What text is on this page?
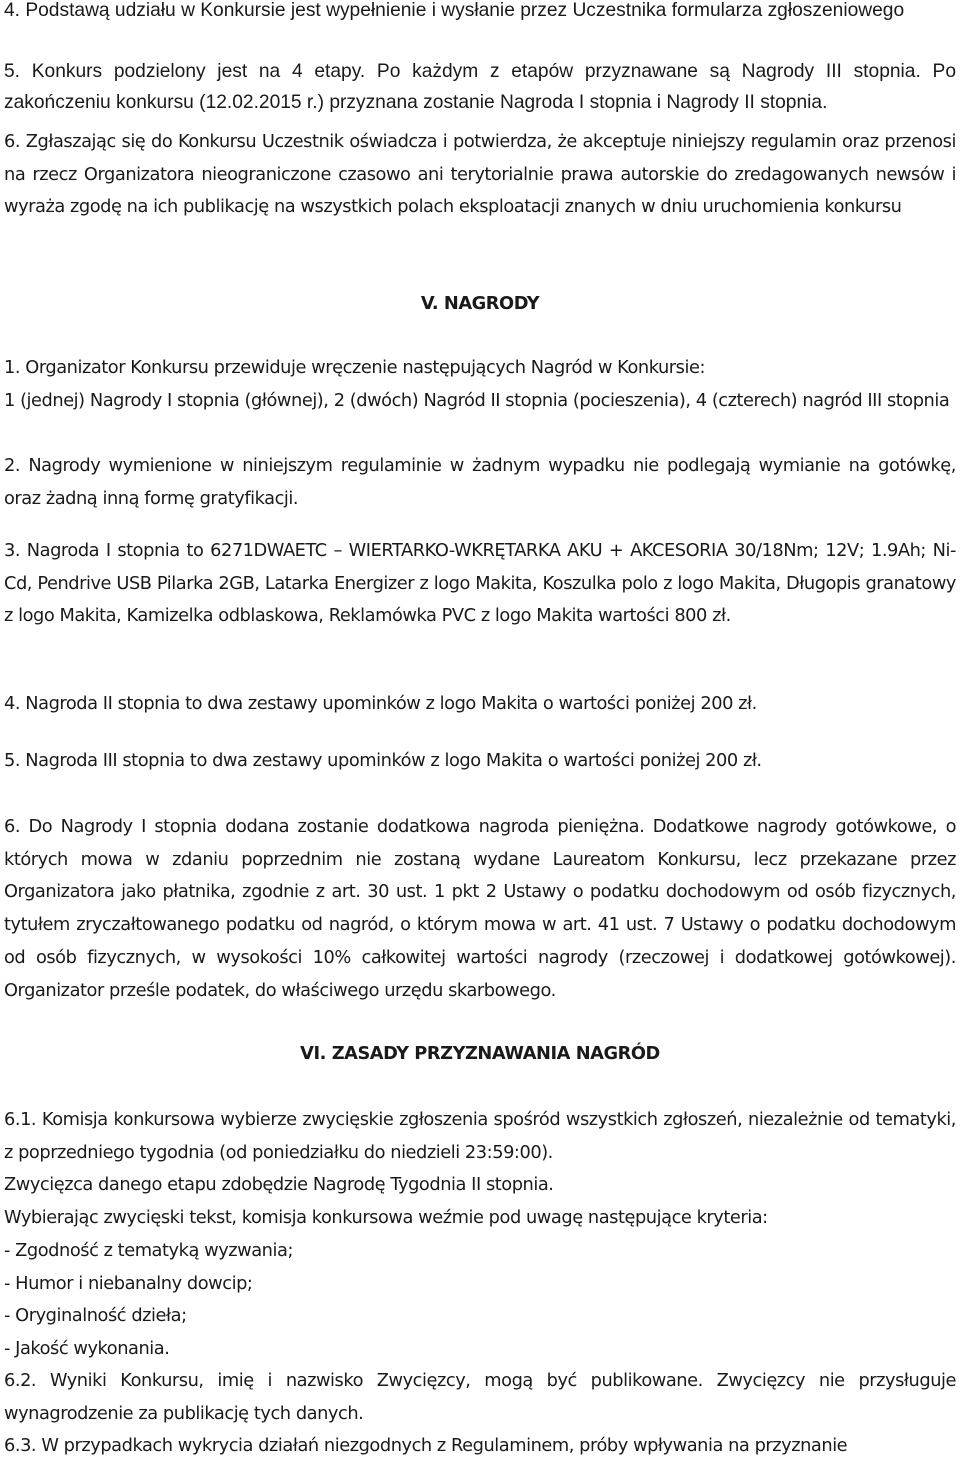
4. Podstawą udziału w Konkursie jest wypełnienie i wysłanie przez Uczestnika formularza zgłoszeniowego

5. Konkurs podzielony jest na 4 etapy. Po każdym z etapów przyznawane są Nagrody III stopnia. Po zakończeniu konkursu (12.02.2015 r.) przyznana zostanie Nagroda I stopnia i Nagrody II stopnia.

6. Zgłaszając się do Konkursu Uczestnik oświadcza i potwierdza, że akceptuje niniejszy regulamin oraz przenosi na rzecz Organizatora nieograniczone czasowo ani terytorialnie prawa autorskie do zredagowanych newsów i wyraża zgodę na ich publikację na wszystkich polach eksploatacji znanych w dniu uruchomienia konkursu

V. NAGRODY

1. Organizator Konkursu przewiduje wręczenie następujących Nagród w Konkursie:

1 (jednej) Nagrody I stopnia (głównej), 2 (dwóch) Nagród II stopnia (pocieszenia), 4 (czterech) nagród III stopnia

2. Nagrody wymienione w niniejszym regulaminie w żadnym wypadku nie podlegają wymianie na gotówkę, oraz żadną inną formę gratyfikacji.

3. Nagroda I stopnia to 6271DWAETC – WIERTARKO-WKRĘTARKA AKU + AKCESORIA 30/18Nm; 12V; 1.9Ah; Ni-Cd, Pendrive USB Pilarka 2GB, Latarka Energizer z logo Makita, Koszulka polo z logo Makita, Długopis granatowy z logo Makita, Kamizelka odblaskowa, Reklamówka PVC z logo Makita wartości 800 zł.

4. Nagroda II stopnia to dwa zestawy upominków z logo Makita o wartości poniżej 200 zł.

5. Nagroda III stopnia to dwa zestawy upominków z logo Makita o wartości poniżej 200 zł.

6. Do Nagrody I stopnia dodana zostanie dodatkowa nagroda pieniężna. Dodatkowe nagrody gotówkowe, o których mowa w zdaniu poprzednim nie zostaną wydane Laureatom Konkursu, lecz przekazane przez Organizatora jako płatnika, zgodnie z art. 30 ust. 1 pkt 2 Ustawy o podatku dochodowym od osób fizycznych, tytułem zryczałtowanego podatku od nagród, o którym mowa w art. 41 ust. 7 Ustawy o podatku dochodowym od osób fizycznych, w wysokości 10% całkowitej wartości nagrody (rzeczowej i dodatkowej gotówkowej). Organizator prześle podatek, do właściwego urzędu skarbowego.

VI. ZASADY PRZYZNAWANIA NAGRÓD

6.1. Komisja konkursowa wybierze zwycięskie zgłoszenia spośród wszystkich zgłoszeń, niezależnie od tematyki, z poprzedniego tygodnia (od poniedziałku do niedzieli 23:59:00).

Zwycięzca danego etapu zdobędzie Nagrodę Tygodnia II stopnia.

Wybierając zwycięski tekst, komisja konkursowa weźmie pod uwagę następujące kryteria:

- Zgodność z tematyką wyzwania;

- Humor i niebanalny dowcip;

- Oryginalność dzieła;

- Jakość wykonania.

6.2. Wyniki Konkursu, imię i nazwisko Zwycięzcy, mogą być publikowane. Zwycięzcy nie przysługuje wynagrodzenie za publikację tych danych.

6.3. W przypadkach wykrycia działań niezgodnych z Regulaminem, próby wpływania na przyznanie
